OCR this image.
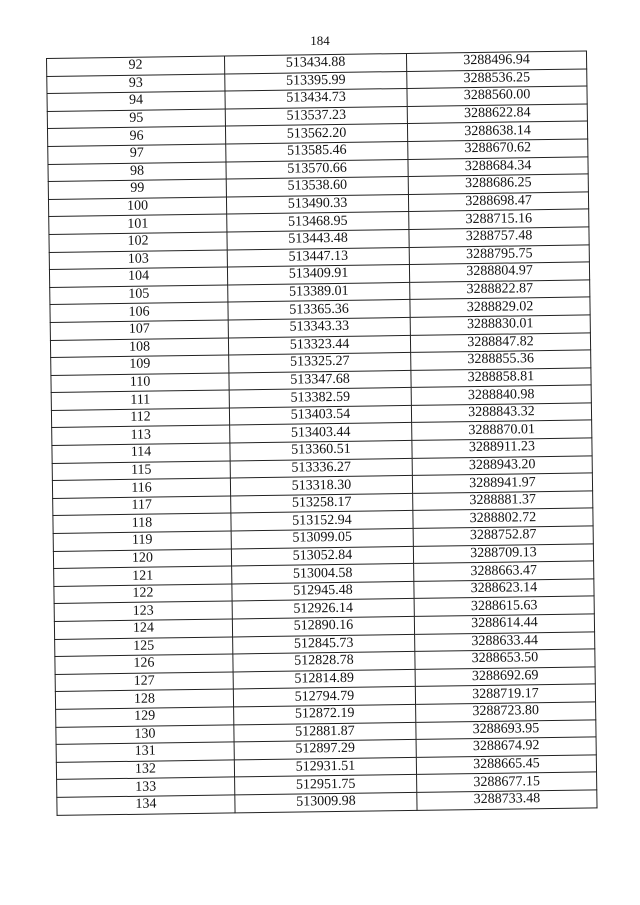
184
92	513434.88	3288496.94
93	513395.99	3288536.25
94	513434.73	3288560.00
95	513537.23	3288622.84
96	513562.20	3288638.14
97	513585.46	3288670.62
98	513570.66	3288684.34
99	513538.60	3288686.25
100	513490.33	3288698.47
101	513468.95	3288715.16
102	513443.48	3288757.48
103	513447.13	3288795.75
104	513409.91	3288804.97
105	513389.01	3288822.87
106	513365.36	3288829.02
107	513343.33	3288830.01
108	513323.44	3288847.82
109	513325.27	3288855.36
110	513347.68	3288858.81
111	513382.59	3288840.98
112	513403.54	3288843.32
113	513403.44	3288870.01
114	513360.51	3288911.23
115	513336.27	3288943.20
116	513318.30	3288941.97
117	513258.17	3288881.37
118	513152.94	3288802.72
119	513099.05	3288752.87
120	513052.84	3288709.13
121	513004.58	3288663.47
122	512945.48	3288623.14
123	512926.14	3288615.63
124	512890.16	3288614.44
125	512845.73	3288633.44
126	512828.78	3288653.50
127	512814.89	3288692.69
128	512794.79	3288719.17
129	512872.19	3288723.80
130	512881.87	3288693.95
131	512897.29	3288674.92
132	512931.51	3288665.45
133	512951.75	3288677.15
134	513009.98	3288733.48
